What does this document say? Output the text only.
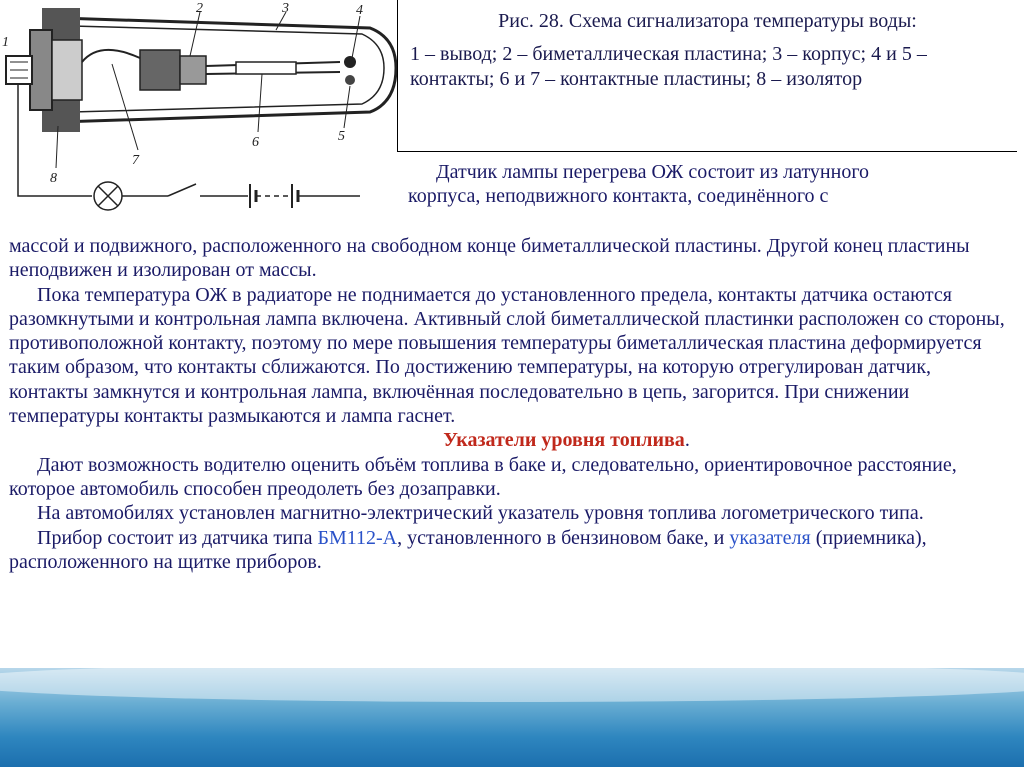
1
2	3	4
5
6
7
8
Рис. 28. Схема сигнализатора температуры воды:
1 – вывод; 2 – биметаллическая пластина; 3 – корпус; 4 и 5 – контакты; 6 и 7 – контактные пластины; 8 – изолятор
Датчик лампы перегрева ОЖ состоит из латунного
корпуса, неподвижного контакта, соединённого с

массой и подвижного, расположенного на свободном конце биметаллической пластины. Другой конец пластины неподвижен и изолирован от массы.

Пока температура ОЖ в радиаторе не поднимается до установленного предела, контакты датчика остаются разомкнутыми и контрольная лампа включена. Активный слой биметаллической пластинки расположен со стороны, противоположной контакту, поэтому по мере повышения температуры биметаллическая пластина деформируется таким образом, что контакты сближаются. По достижению температуры, на которую отрегулирован датчик, контакты замкнутся и контрольная лампа, включённая последовательно в цепь, загорится. При снижении температуры контакты размыкаются и лампа гаснет.

Указатели уровня топлива.

Дают возможность водителю оценить объём топлива в баке и, следовательно, ориентировочное расстояние, которое автомобиль способен преодолеть без дозаправки.

На автомобилях установлен магнитно-электрический указатель уровня топлива логометрического типа.

Прибор состоит из датчика типа БМ112-А, установленного в бензиновом баке, и указателя (приемника), расположенного на щитке приборов.
